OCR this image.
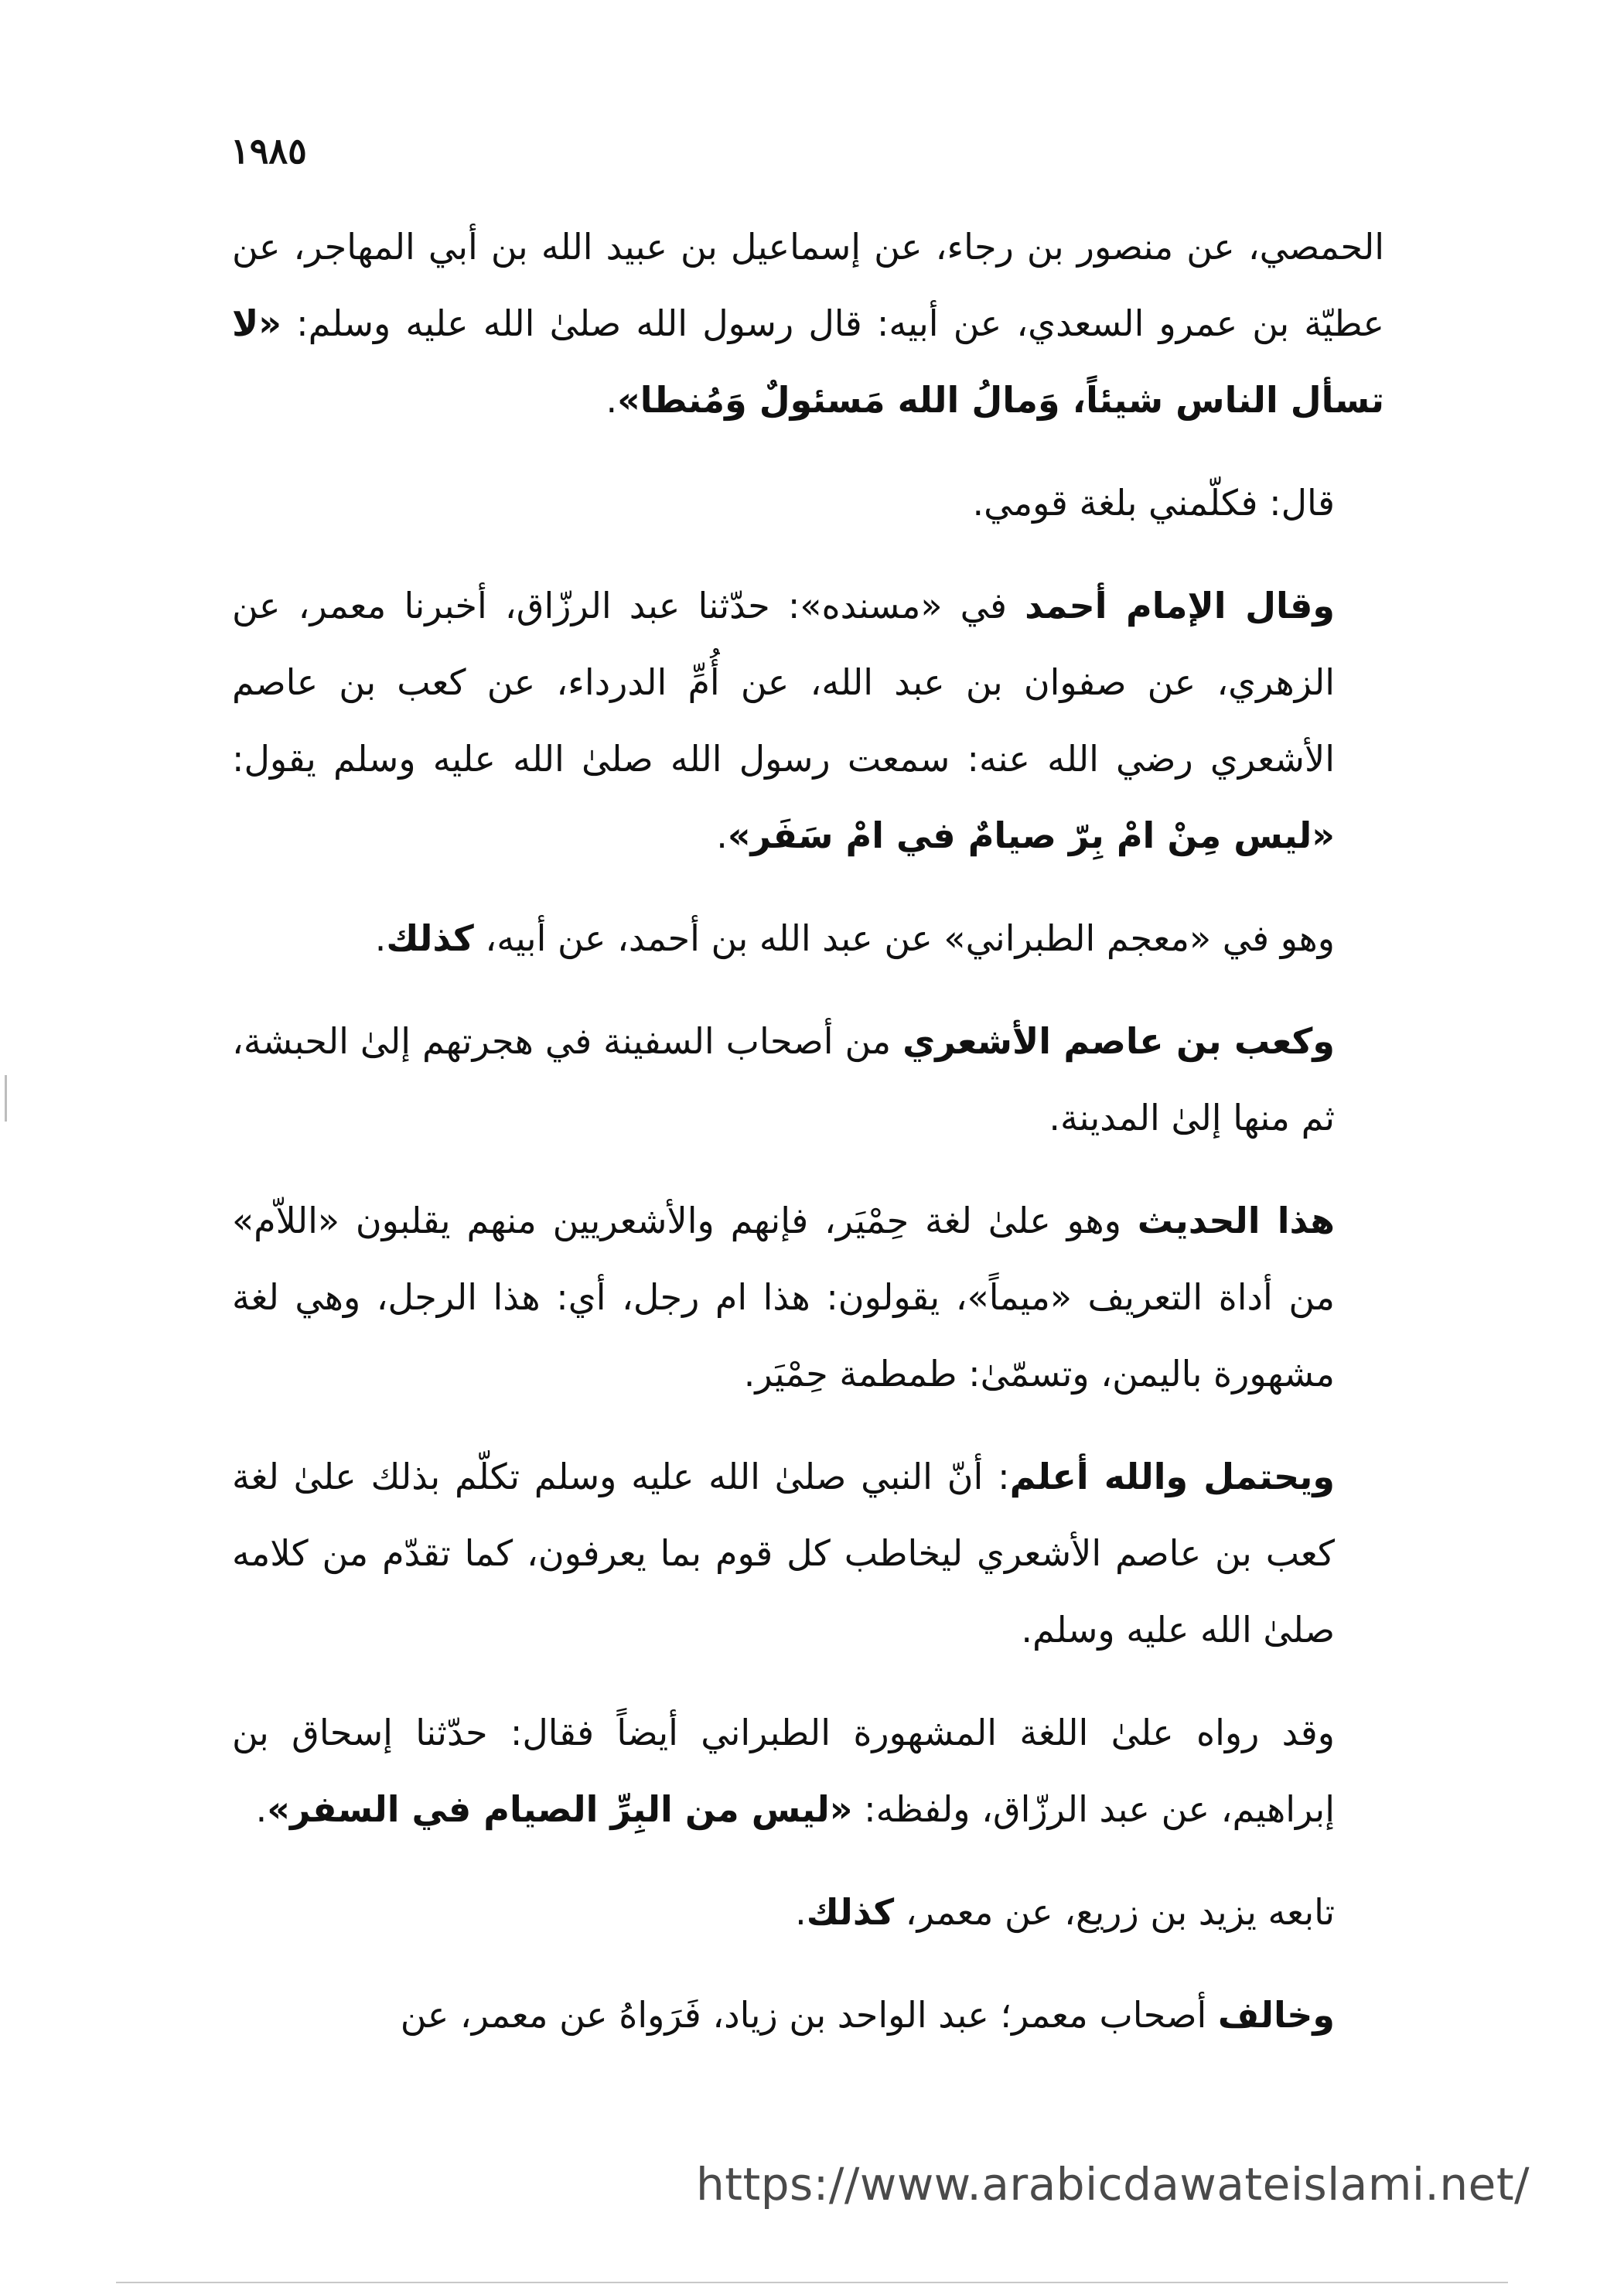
١٩٨٥

الحمصي، عن منصور بن رجاء، عن إسماعيل بن عبيد الله بن أبي المهاجر، عن عطيّة بن عمرو السعدي، عن أبيه: قال رسول الله صلىٰ الله عليه وسلم: «لا تسأل الناس شيئاً، وَمالُ الله مَسئولٌ وَمُنطا».

قال: فكلّمني بلغة قومي.

وقال الإمام أحمد في «مسنده»: حدّثنا عبد الرزّاق، أخبرنا معمر، عن الزهري، عن صفوان بن عبد الله، عن أُمِّ الدرداء، عن كعب بن عاصم الأشعري رضي الله عنه: سمعت رسول الله صلىٰ الله عليه وسلم يقول: «ليس مِنْ امْ بِرّ صيامٌ في امْ سَفَر».

وهو في «معجم الطبراني» عن عبد الله بن أحمد، عن أبيه، كذلك.

وكعب بن عاصم الأشعري من أصحاب السفينة في هجرتهم إلىٰ الحبشة، ثم منها إلىٰ المدينة.

هذا الحديث وهو علىٰ لغة حِمْيَر، فإنهم والأشعريين منهم يقلبون «اللاّم» من أداة التعريف «ميماً»، يقولون: هذا ام رجل، أي: هذا الرجل، وهي لغة مشهورة باليمن، وتسمّىٰ: طمطمة حِمْيَر.

ويحتمل والله أعلم: أنّ النبي صلىٰ الله عليه وسلم تكلّم بذلك علىٰ لغة كعب بن عاصم الأشعري ليخاطب كل قوم بما يعرفون، كما تقدّم من كلامه صلىٰ الله عليه وسلم.

وقد رواه علىٰ اللغة المشهورة الطبراني أيضاً فقال: حدّثنا إسحاق بن إبراهيم، عن عبد الرزّاق، ولفظه: «ليس من البِرِّ الصيام في السفر».

تابعه يزيد بن زريع، عن معمر، كذلك.

وخالف أصحاب معمر؛ عبد الواحد بن زياد، فَرَواهُ عن معمر، عن

https://www.arabicdawateislami.net/
